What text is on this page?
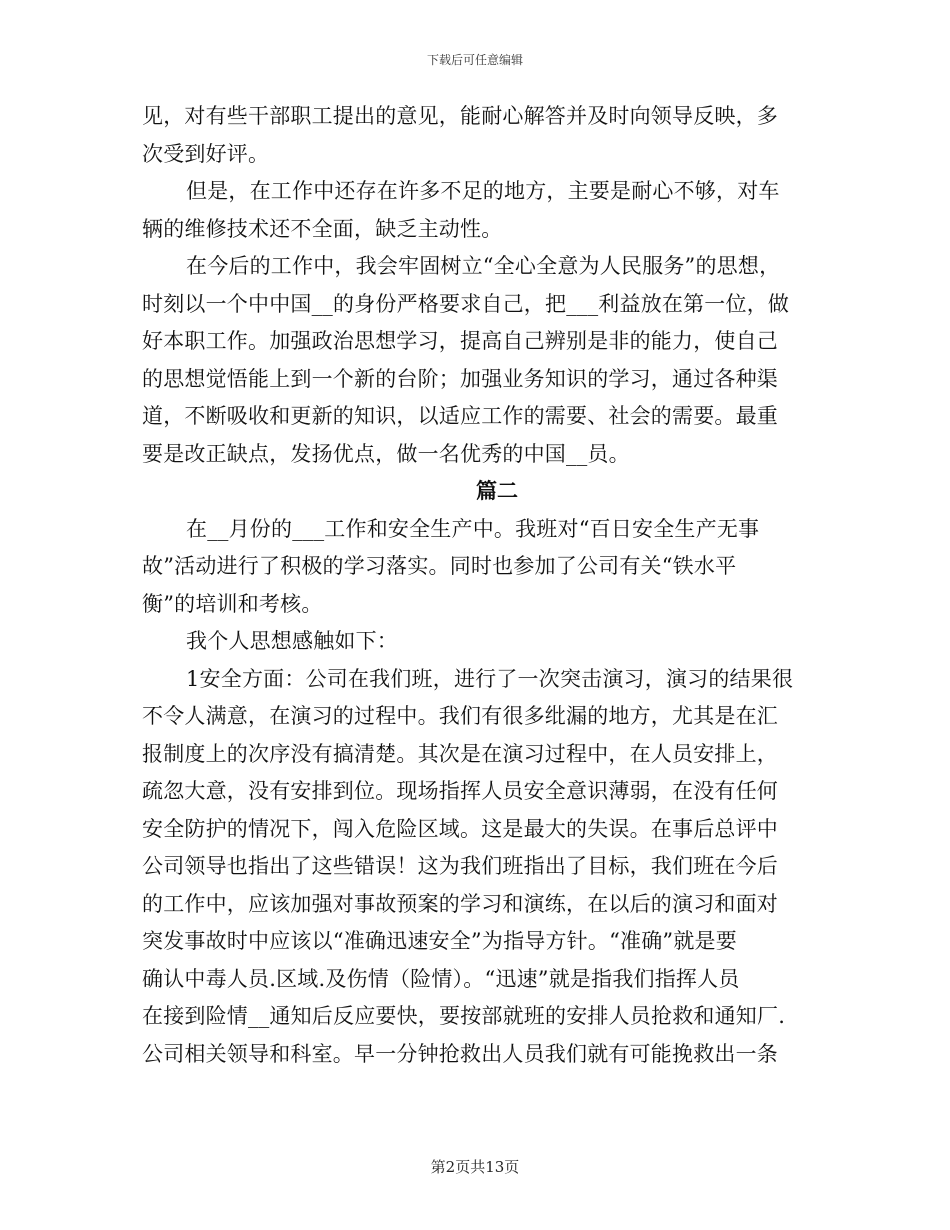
下载后可任意编辑
见，对有些干部职工提出的意见，能耐心解答并及时向领导反映，多
次受到好评。
但是，在工作中还存在许多不足的地方，主要是耐心不够，对车
辆的维修技术还不全面，缺乏主动性。
在今后的工作中，我会牢固树立“全心全意为人民服务”的思想，
时刻以一个中中国__的身份严格要求自己，把___利益放在第一位，做
好本职工作。加强政治思想学习，提高自己辨别是非的能力，使自己
的思想觉悟能上到一个新的台阶；加强业务知识的学习，通过各种渠
道，不断吸收和更新的知识，以适应工作的需要、社会的需要。最重
要是改正缺点，发扬优点，做一名优秀的中国__员。
篇二
在__月份的___工作和安全生产中。我班对“百日安全生产无事
故”活动进行了积极的学习落实。同时也参加了公司有关“铁水平
衡”的培训和考核。
我个人思想感触如下：
1安全方面：公司在我们班，进行了一次突击演习，演习的结果很
不令人满意，在演习的过程中。我们有很多纰漏的地方，尤其是在汇
报制度上的次序没有搞清楚。其次是在演习过程中，在人员安排上，
疏忽大意，没有安排到位。现场指挥人员安全意识薄弱，在没有任何
安全防护的情况下，闯入危险区域。这是最大的失误。在事后总评中
公司领导也指出了这些错误！这为我们班指出了目标，我们班在今后
的工作中，应该加强对事故预案的学习和演练，在以后的演习和面对
突发事故时中应该以“准确迅速安全”为指导方针。“准确”就是要
确认中毒人员.区域.及伤情（险情）。“迅速”就是指我们指挥人员
在接到险情__通知后反应要快，要按部就班的安排人员抢救和通知厂.
公司相关领导和科室。早一分钟抢救出人员我们就有可能挽救出一条
第2页共13页
